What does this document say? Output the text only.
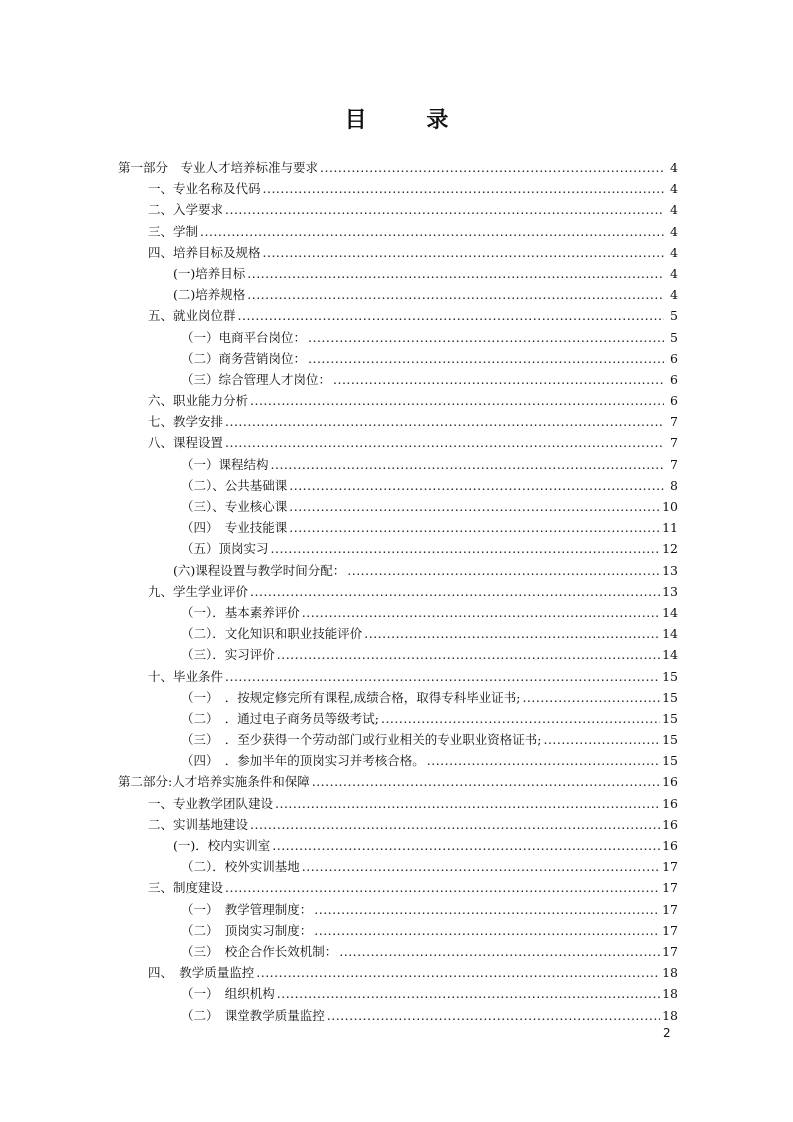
目 录
第一部分　专业人才培养标准与要求 .....	4
一、专业名称及代码 .....	4
二、入学要求 .....	4
三、学制 .....	4
四、培养目标及规格 .....	4
(一)培养目标 .....	4
(二)培养规格 .....	4
五、就业岗位群 .....	5
（一）电商平台岗位： .....	5
（二）商务营销岗位： .....	6
（三）综合管理人才岗位： .....	6
六、职业能力分析 .....	6
七、教学安排 .....	7
八、课程设置 .....	7
（一）课程结构 .....	7
（二）、公共基础课 .....	8
（三）、专业核心课 .....	10
（四）　专业技能课 .....	11
（五）顶岗实习 .....	12
(六)课程设置与教学时间分配： .....	13
九、学生学业评价 .....	13
（一）．基本素养评价 .....	14
（二）．文化知识和职业技能评价 .....	14
（三）．实习评价 .....	14
十、毕业条件 .....	15
（一）　．按规定修完所有课程,成绩合格，取得专科毕业证书; .....	15
（二）　．通过电子商务员等级考试; .....	15
（三）　．至少获得一个劳动部门或行业相关的专业职业资格证书; .....	15
（四）　．参加半年的顶岗实习并考核合格。 .....	15
第二部分:人才培养实施条件和保障 .....	16
一、专业教学团队建设 .....	16
二、实训基地建设 .....	16
(一)．校内实训室 .....	16
（二）．校外实训基地 .....	17
三、制度建设 .....	17
（一）　教学管理制度： .....	17
（二）　顶岗实习制度： .....	17
（三）　校企合作长效机制： .....	17
四、　教学质量监控 .....	18
（一）　组织机构 .....	18
（二）　课堂教学质量监控 .....	18
2
